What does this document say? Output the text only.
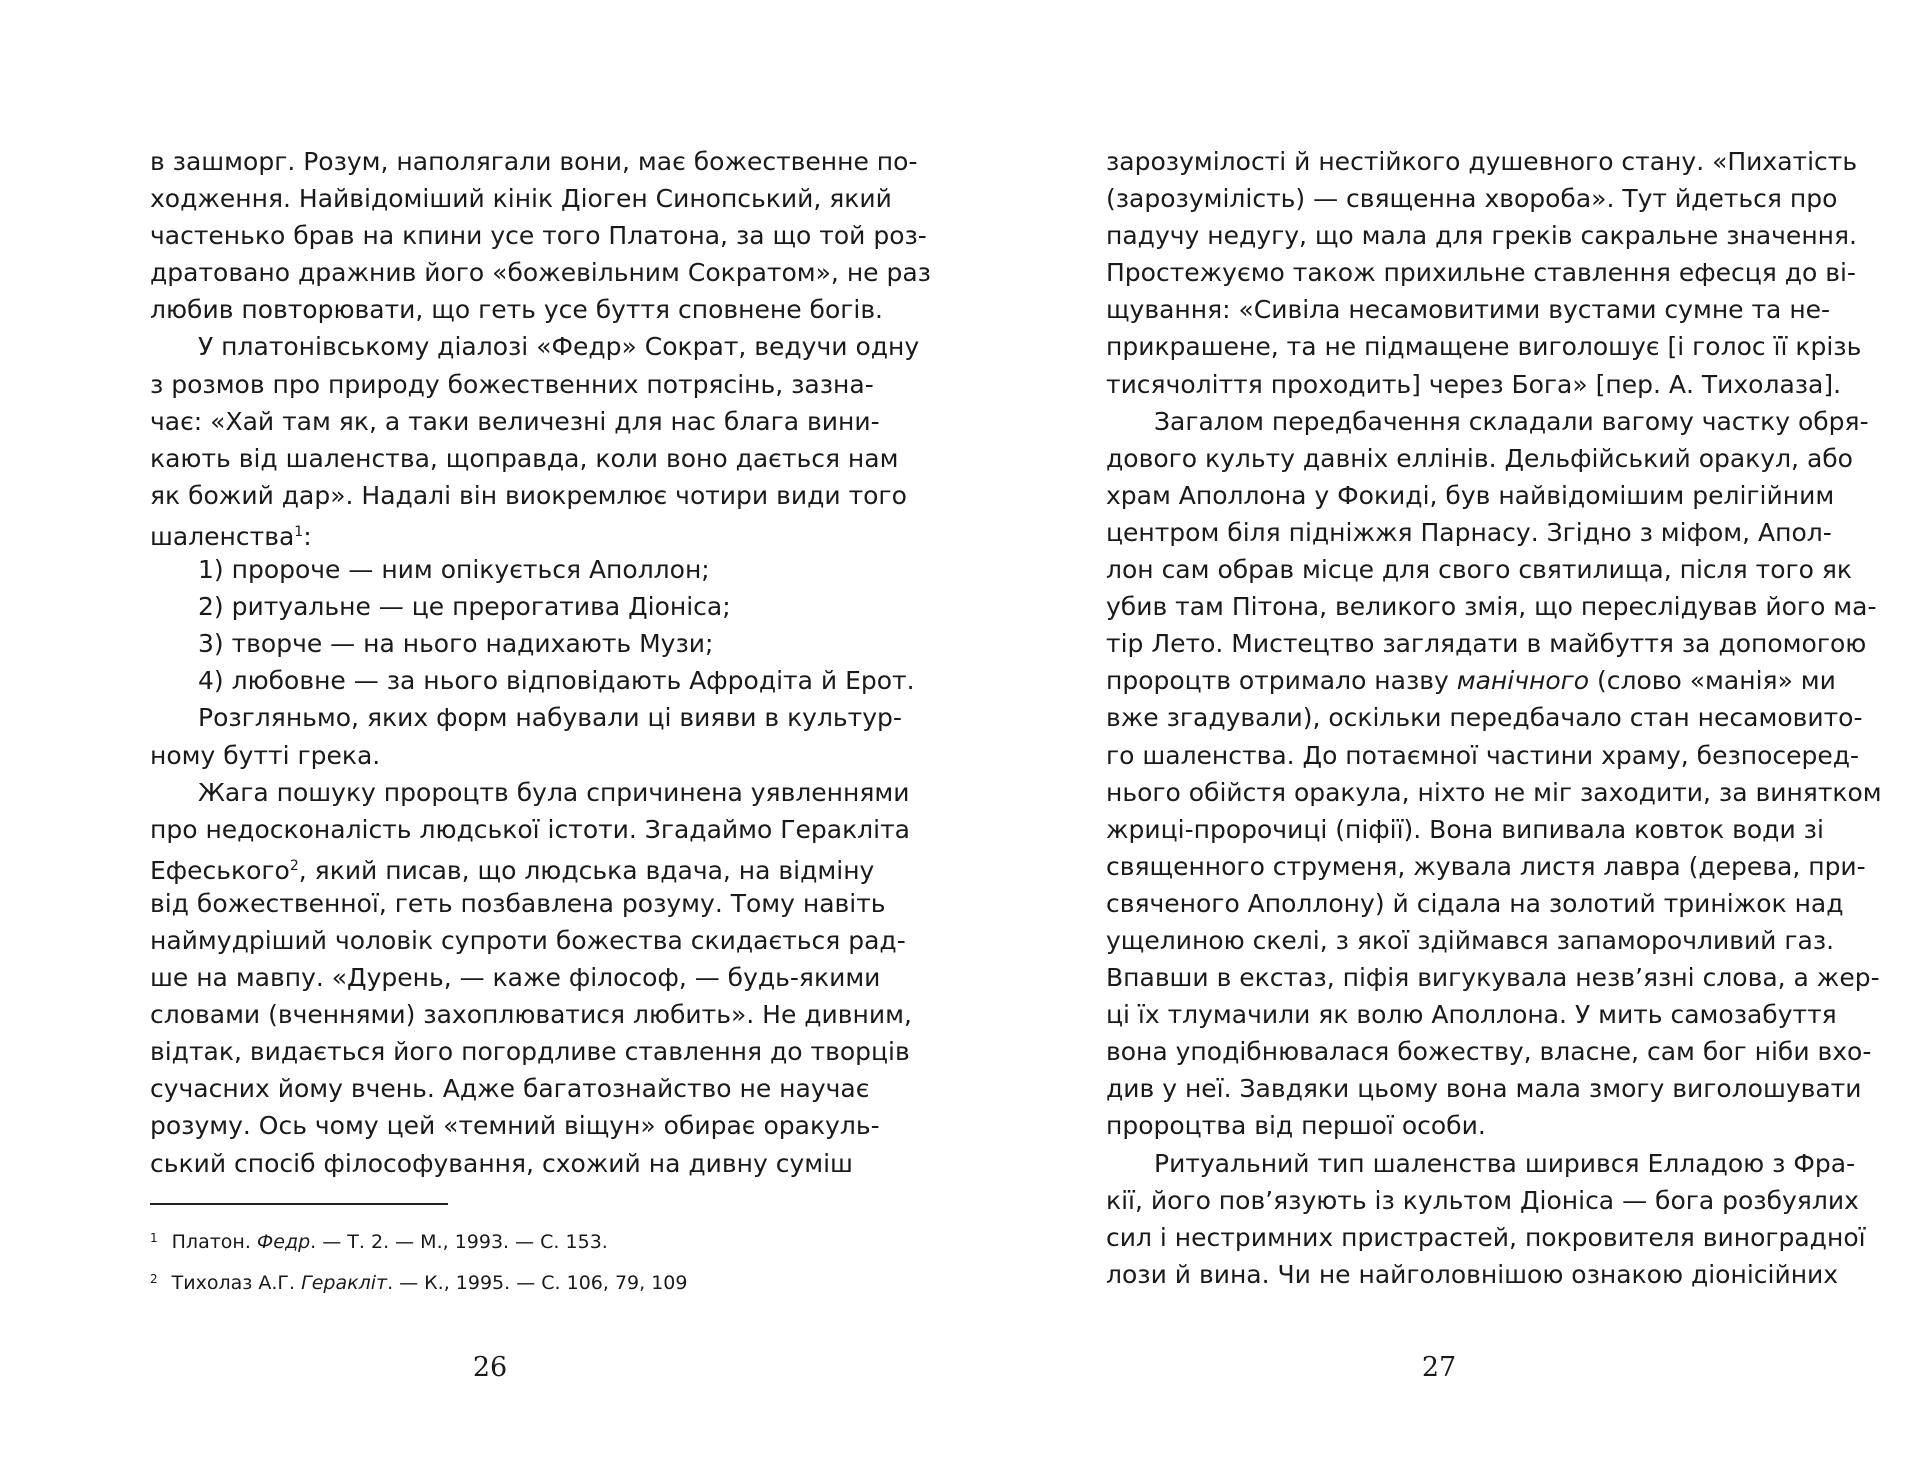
в зашморг. Розум, наполягали вони, має божественне по-
ходження. Найвідоміший кінік Діоген Синопський, який
частенько брав на кпини усе того Платона, за що той роз-
дратовано дражнив його «божевільним Сократом», не раз
любив повторювати, що геть усе буття сповнене богів.
У платонівському діалозі «Федр» Сократ, ведучи одну
з розмов про природу божественних потрясінь, зазна-
чає: «Хай там як, а таки величезні для нас блага вини-
кають від шаленства, щоправда, коли воно дається нам
як божий дар». Надалі він виокремлює чотири види того
шаленства$^1$:
1) пророче — ним опікується Аполлон;
2) ритуальне — це прерогатива Діоніса;
3) творче — на нього надихають Музи;
4) любовне — за нього відповідають Афродіта й Ерот.
Розгляньмо, яких форм набували ці вияви в культур-
ному бутті грека.
Жага пошуку пророцтв була спричинена уявленнями
про недосконалість людської істоти. Згадаймо Геракліта
Ефеського$^2$, який писав, що людська вдача, на відміну
від божественної, геть позбавлена розуму. Тому навіть
наймудріший чоловік супроти божества скидається рад-
ше на мавпу. «Дурень, — каже філософ, — будь-якими
словами (вченнями) захоплюватися любить». Не дивним,
відтак, видається його погордливе ставлення до творців
сучасних йому вчень. Адже багатознайство не научає
розуму. Ось чому цей «темний віщун» обирає оракуль-
ський спосіб філософування, схожий на дивну суміш
$^1$ Платон. Федр. — Т. 2. — М., 1993. — С. 153.
$^2$ Тихолаз А.Г. Геракліт. — К., 1995. — С. 106, 79, 109
26
зарозумілості й нестійкого душевного стану. «Пихатість
(зарозумілість) — священна хвороба». Тут йдеться про
падучу недугу, що мала для греків сакральне значення.
Простежуємо також прихильне ставлення ефесця до ві-
щування: «Сивіла несамовитими вустами сумне та не-
прикрашене, та не підмащене виголошує [і голос її крізь
тисячоліття проходить] через Бога» [пер. А. Тихолаза].
Загалом передбачення складали вагому частку обря-
дового культу давніх еллінів. Дельфійський оракул, або
храм Аполлона у Фокиді, був найвідомішим релігійним
центром біля підніжжя Парнасу. Згідно з міфом, Апол-
лон сам обрав місце для свого святилища, після того як
убив там Пітона, великого змія, що переслідував його ма-
тір Лето. Мистецтво заглядати в майбуття за допомогою
пророцтв отримало назву манічного (слово «манія» ми
вже згадували), оскільки передбачало стан несамовито-
го шаленства. До потаємної частини храму, безпосеред-
нього обійстя оракула, ніхто не міг заходити, за винятком
жриці-пророчиці (піфії). Вона випивала ковток води зі
священного струменя, жувала листя лавра (дерева, при-
свяченого Аполлону) й сідала на золотий триніжок над
ущелиною скелі, з якої здіймався запаморочливий газ.
Впавши в екстаз, піфія вигукувала незв’язні слова, а жер-
ці їх тлумачили як волю Аполлона. У мить самозабуття
вона уподібнювалася божеству, власне, сам бог ніби вхо-
див у неї. Завдяки цьому вона мала змогу виголошувати
пророцтва від першої особи.
Ритуальний тип шаленства ширився Елладою з Фра-
кії, його пов’язують із культом Діоніса — бога розбуялих
сил і нестримних пристрастей, покровителя виноградної
лози й вина. Чи не найголовнішою ознакою діонісійних
27
